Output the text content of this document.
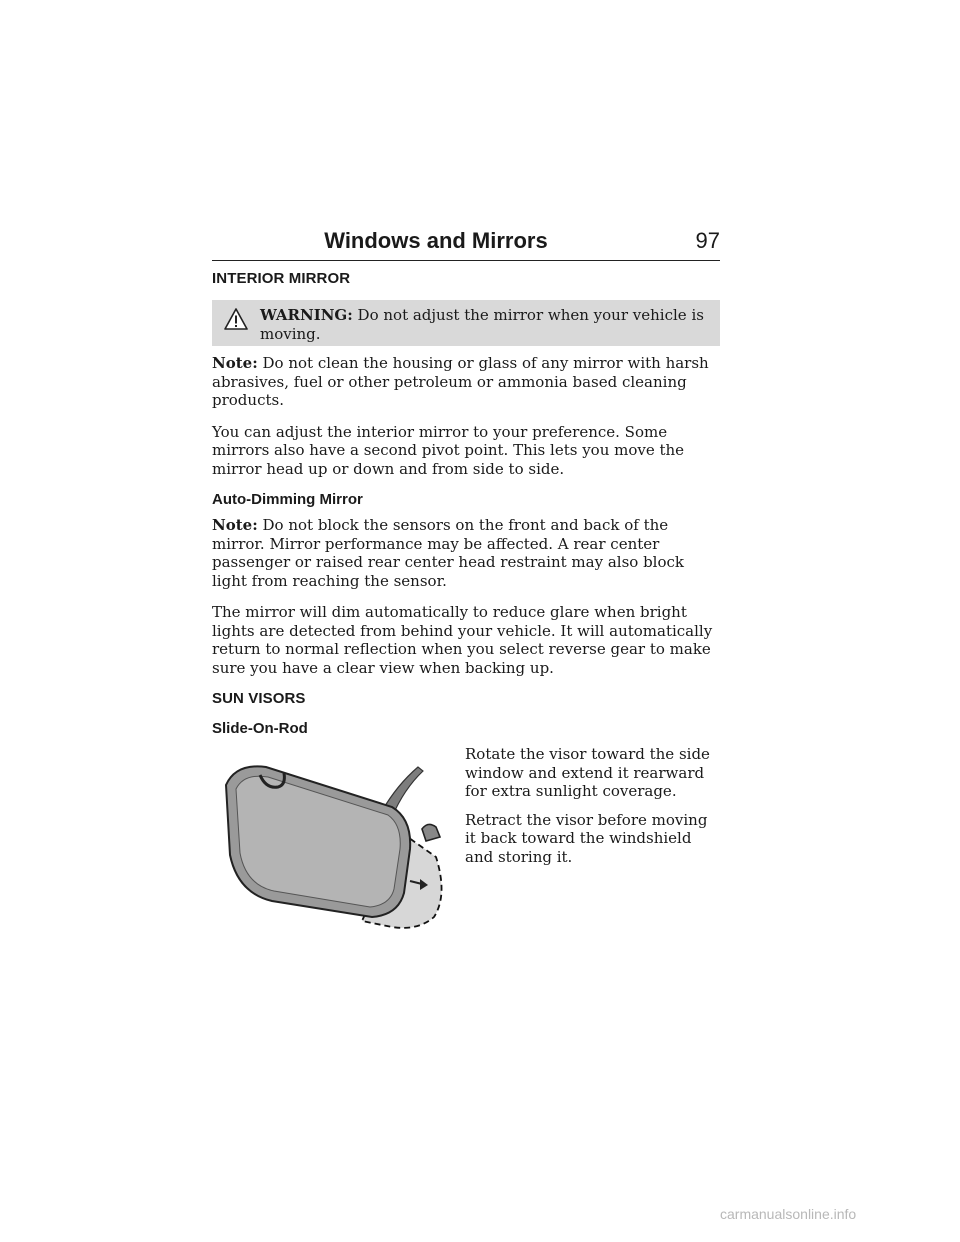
Windows and Mirrors	97
INTERIOR MIRROR
WARNING: Do not adjust the mirror when your vehicle is moving.

Note: Do not clean the housing or glass of any mirror with harsh abrasives, fuel or other petroleum or ammonia based cleaning products.

You can adjust the interior mirror to your preference. Some mirrors also have a second pivot point. This lets you move the mirror head up or down and from side to side.

Auto-Dimming Mirror

Note: Do not block the sensors on the front and back of the mirror. Mirror performance may be affected. A rear center passenger or raised rear center head restraint may also block light from reaching the sensor.

The mirror will dim automatically to reduce glare when bright lights are detected from behind your vehicle. It will automatically return to normal reflection when you select reverse gear to make sure you have a clear view when backing up.

SUN VISORS
Slide-On-Rod

Rotate the visor toward the side window and extend it rearward for extra sunlight coverage.

Retract the visor before moving it back toward the windshield and storing it.

carmanualsonline.info
